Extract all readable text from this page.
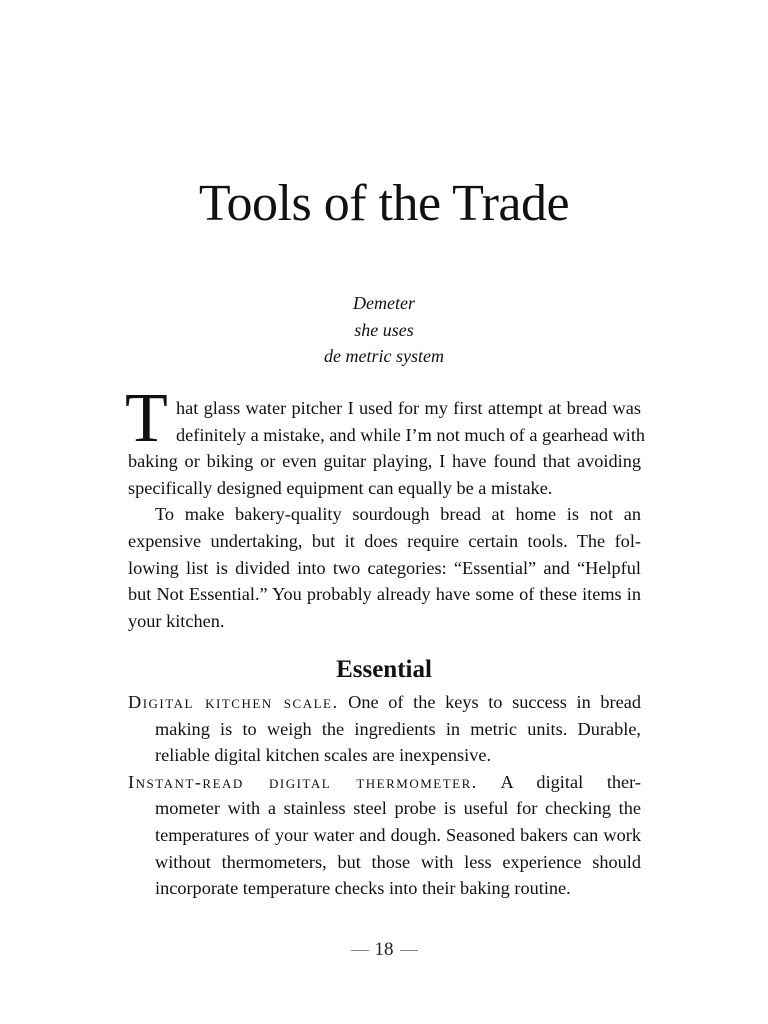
Tools of the Trade
Demeter
she uses
de metric system
T hat glass water pitcher I used for my first attempt at bread was
definitely a mistake, and while I’m not much of a gearhead with
baking or biking or even guitar playing, I have found that avoiding
specifically designed equipment can equally be a mistake.
To make bakery-quality sourdough bread at home is not an
expensive undertaking, but it does require certain tools. The fol-
lowing list is divided into two categories: “Essential” and “Helpful
but Not Essential.” You probably already have some of these items in
your kitchen.
Essential
Digital kitchen scale. One of the keys to success in bread
making is to weigh the ingredients in metric units. Durable,
reliable digital kitchen scales are inexpensive.
Instant-read digital thermometer. A digital ther-
mometer with a stainless steel probe is useful for checking the
temperatures of your water and dough. Seasoned bakers can work
without thermometers, but those with less experience should
incorporate temperature checks into their baking routine.
18
